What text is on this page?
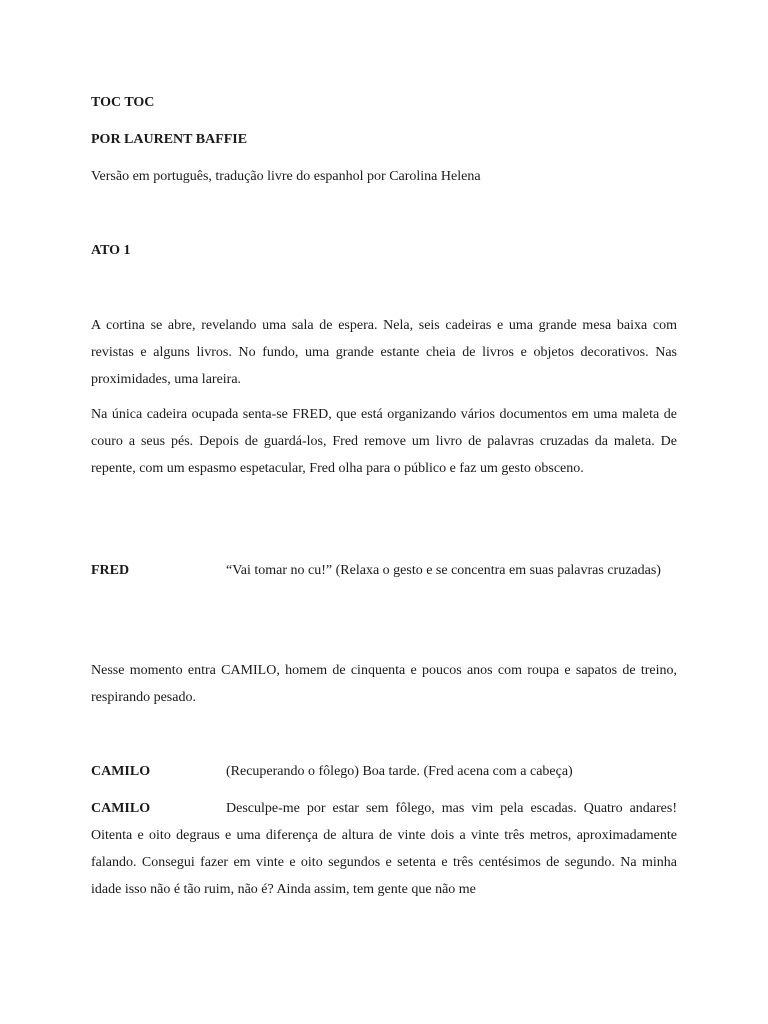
TOC TOC

POR LAURENT BAFFIE

Versão em português, tradução livre do espanhol por Carolina Helena

ATO 1

A cortina se abre, revelando uma sala de espera. Nela, seis cadeiras e uma grande mesa baixa com revistas e alguns livros. No fundo, uma grande estante cheia de livros e objetos decorativos. Nas proximidades, uma lareira.

Na única cadeira ocupada senta-se FRED, que está organizando vários documentos em uma maleta de couro a seus pés. Depois de guardá-los, Fred remove um livro de palavras cruzadas da maleta. De repente, com um espasmo espetacular, Fred olha para o público e faz um gesto obsceno.

FRED	“Vai tomar no cu!” (Relaxa o gesto e se concentra em suas palavras cruzadas)

Nesse momento entra CAMILO, homem de cinquenta e poucos anos com roupa e sapatos de treino, respirando pesado.

CAMILO	(Recuperando o fôlego) Boa tarde. (Fred acena com a cabeça)

CAMILO	Desculpe-me por estar sem fôlego, mas vim pela escadas. Quatro andares! Oitenta e oito degraus e uma diferença de altura de vinte dois a vinte três metros, aproximadamente falando. Consegui fazer em vinte e oito segundos e setenta e três centésimos de segundo. Na minha idade isso não é tão ruim, não é? Ainda assim, tem gente que não me
